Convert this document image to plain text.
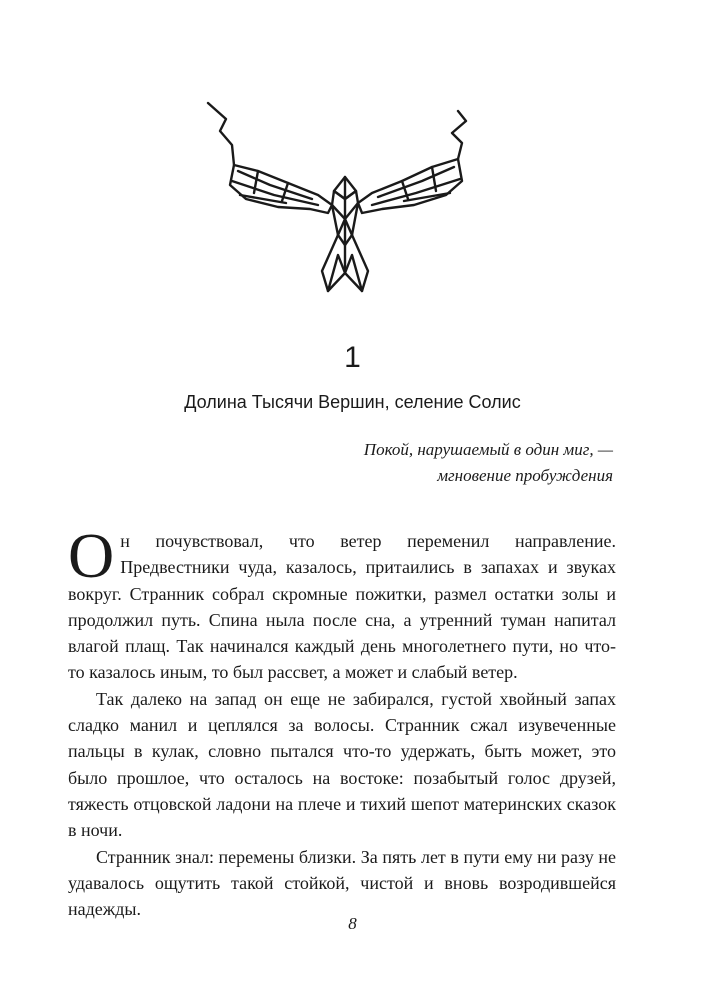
1
Долина Тысячи Вершин, селение Солис
Покой, нарушаемый в один миг, —
мгновение пробуждения

Он почувствовал, что ветер переменил направление. Предвестники чуда, казалось, притаились в запахах и звуках вокруг. Странник собрал скромные пожитки, размел остатки золы и продолжил путь. Спина ныла после сна, а утренний туман напитал влагой плащ. Так начинался каждый день многолетнего пути, но что-то казалось иным, то был рассвет, а может и слабый ветер.

Так далеко на запад он еще не забирался, густой хвойный запах сладко манил и цеплялся за волосы. Странник сжал изувеченные пальцы в кулак, словно пытался что-то удержать, быть может, это было прошлое, что осталось на востоке: позабытый голос друзей, тяжесть отцовской ладони на плече и тихий шепот материнских сказок в ночи.

Странник знал: перемены близки. За пять лет в пути ему ни разу не удавалось ощутить такой стойкой, чистой и вновь возродившейся надежды.

8
